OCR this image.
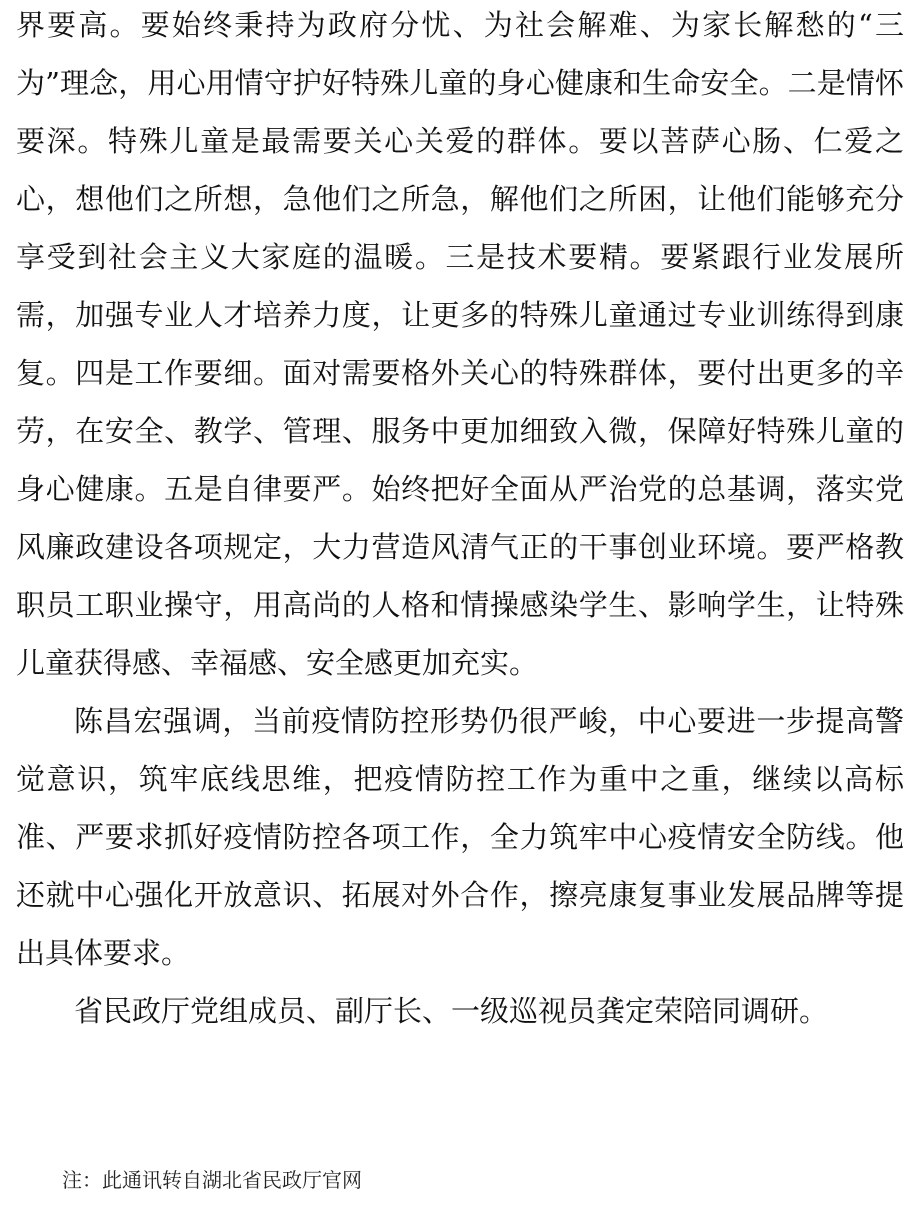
界要高。要始终秉持为政府分忧、为社会解难、为家长解愁的“三为”理念，用心用情守护好特殊儿童的身心健康和生命安全。二是情怀要深。特殊儿童是最需要关心关爱的群体。要以菩萨心肠、仁爱之心，想他们之所想，急他们之所急，解他们之所困，让他们能够充分享受到社会主义大家庭的温暖。三是技术要精。要紧跟行业发展所需，加强专业人才培养力度，让更多的特殊儿童通过专业训练得到康复。四是工作要细。面对需要格外关心的特殊群体，要付出更多的辛劳，在安全、教学、管理、服务中更加细致入微，保障好特殊儿童的身心健康。五是自律要严。始终把好全面从严治党的总基调，落实党风廉政建设各项规定，大力营造风清气正的干事创业环境。要严格教职员工职业操守，用高尚的人格和情操感染学生、影响学生，让特殊儿童获得感、幸福感、安全感更加充实。

陈昌宏强调，当前疫情防控形势仍很严峻，中心要进一步提高警觉意识，筑牢底线思维，把疫情防控工作为重中之重，继续以高标准、严要求抓好疫情防控各项工作，全力筑牢中心疫情安全防线。他还就中心强化开放意识、拓展对外合作，擦亮康复事业发展品牌等提出具体要求。

省民政厅党组成员、副厅长、一级巡视员龚定荣陪同调研。

注：此通讯转自湖北省民政厅官网
